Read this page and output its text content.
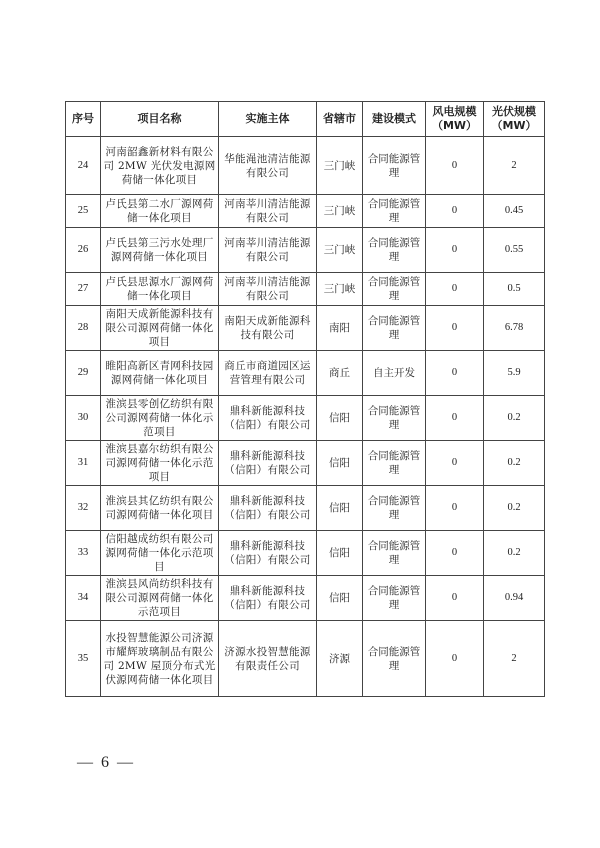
序号	项目名称	实施主体	省辖市	建设模式	风电规模（MW）	光伏规模（MW）
24	河南韶鑫新材料有限公司 2MW 光伏发电源网荷储一体化项目	华能渑池清洁能源有限公司	三门峡	合同能源管理	0	2
25	卢氏县第二水厂源网荷储一体化项目	河南莘川清洁能源有限公司	三门峡	合同能源管理	0	0.45
26	卢氏县第三污水处理厂源网荷储一体化项目	河南莘川清洁能源有限公司	三门峡	合同能源管理	0	0.55
27	卢氏县思源水厂源网荷储一体化项目	河南莘川清洁能源有限公司	三门峡	合同能源管理	0	0.5
28	南阳天成新能源科技有限公司源网荷储一体化项目	南阳天成新能源科技有限公司	南阳	合同能源管理	0	6.78
29	睢阳高新区青网科技园源网荷储一体化项目	商丘市商道园区运营管理有限公司	商丘	自主开发	0	5.9
30	淮滨县零创亿纺织有限公司源网荷储一体化示范项目	鼎科新能源科技（信阳）有限公司	信阳	合同能源管理	0	0.2
31	淮滨县嘉尔纺织有限公司源网荷储一体化示范项目	鼎科新能源科技（信阳）有限公司	信阳	合同能源管理	0	0.2
32	淮滨县其亿纺织有限公司源网荷储一体化项目	鼎科新能源科技（信阳）有限公司	信阳	合同能源管理	0	0.2
33	信阳越成纺织有限公司源网荷储一体化示范项目	鼎科新能源科技（信阳）有限公司	信阳	合同能源管理	0	0.2
34	淮滨县风尚纺织科技有限公司源网荷储一体化 示范项目	鼎科新能源科技（信阳）有限公司	信阳	合同能源管理	0	0.94
35	水投智慧能源公司济源市耀辉玻璃制品有限公司 2MW 屋顶分布式光伏源网荷储一体化项目	济源水投智慧能源有限责任公司	济源	合同能源管理	0	2
— 6 —
